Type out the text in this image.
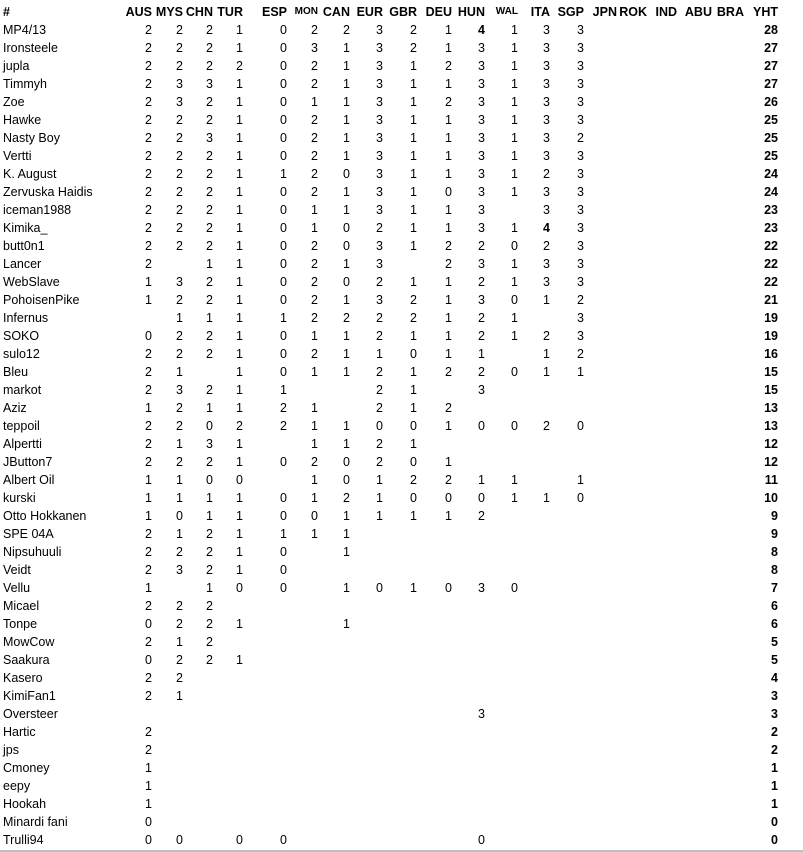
#	AUS	MYS	CHN	TUR	ESP	MON	CAN	EUR	GBR	DEU	HUN	WAL	ITA	SGP	JPN	ROK	IND	ABU	BRA	YHT
MP4/13	2	2	2	1	0	2	2	3	2	1	4	1	3	3						28
Ironsteele	2	2	2	1	0	3	1	3	2	1	3	1	3	3						27
jupla	2	2	2	2	0	2	1	3	1	2	3	1	3	3						27
Timmyh	2	3	3	1	0	2	1	3	1	1	3	1	3	3						27
Zoe	2	3	2	1	0	1	1	3	1	2	3	1	3	3						26
Hawke	2	2	2	1	0	2	1	3	1	1	3	1	3	3						25
Nasty Boy	2	2	3	1	0	2	1	3	1	1	3	1	3	2						25
Vertti	2	2	2	1	0	2	1	3	1	1	3	1	3	3						25
K. August	2	2	2	1	1	2	0	3	1	1	3	1	2	3						24
Zervuska Haidis	2	2	2	1	0	2	1	3	1	0	3	1	3	3						24
iceman1988	2	2	2	1	0	1	1	3	1	1	3		3	3						23
Kimika_	2	2	2	1	0	1	0	2	1	1	3	1	4	3						23
butt0n1	2	2	2	1	0	2	0	3	1	2	2	0	2	3						22
Lancer	2		1	1	0	2	1	3		2	3	1	3	3						22
WebSlave	1	3	2	1	0	2	0	2	1	1	2	1	3	3						22
PohoisenPike	1	2	2	1	0	2	1	3	2	1	3	0	1	2						21
Infernus		1	1	1	1	2	2	2	2	1	2	1		3						19
SOKO	0	2	2	1	0	1	1	2	1	1	2	1	2	3						19
sulo12	2	2	2	1	0	2	1	1	0	1	1		1	2						16
Bleu	2	1		1	0	1	1	2	1	2	2	0	1	1						15
markot	2	3	2	1	1			2	1		3									15
Aziz	1	2	1	1	2	1		2	1	2										13
teppoil	2	2	0	2	2	1	1	0	0	1	0	0	2	0						13
Alpertti	2	1	3	1		1	1	2	1											12
JButton7	2	2	2	1	0	2	0	2	0	1										12
Albert Oil	1	1	0	0		1	0	1	2	2	1	1		1						11
kurski	1	1	1	1	0	1	2	1	0	0	0	1	1	0						10
Otto Hokkanen	1	0	1	1	0	0	1	1	1	1	2									9
SPE 04A	2	1	2	1	1	1	1													9
Nipsuhuuli	2	2	2	1	0		1													8
Veidt	2	3	2	1	0															8
Vellu	1		1	0	0		1	0	1	0	3	0								7
Micael	2	2	2																	6
Tonpe	0	2	2	1			1													6
MowCow	2	1	2																	5
Saakura	0	2	2	1																5
Kasero	2	2																		4
KimiFan1	2	1																		3
Oversteer											3									3
Hartic	2																			2
jps	2																			2
Cmoney	1																			1
eepy	1																			1
Hookah	1																			1
Minardi fani	0																			0
Trulli94	0	0		0	0						0									0
